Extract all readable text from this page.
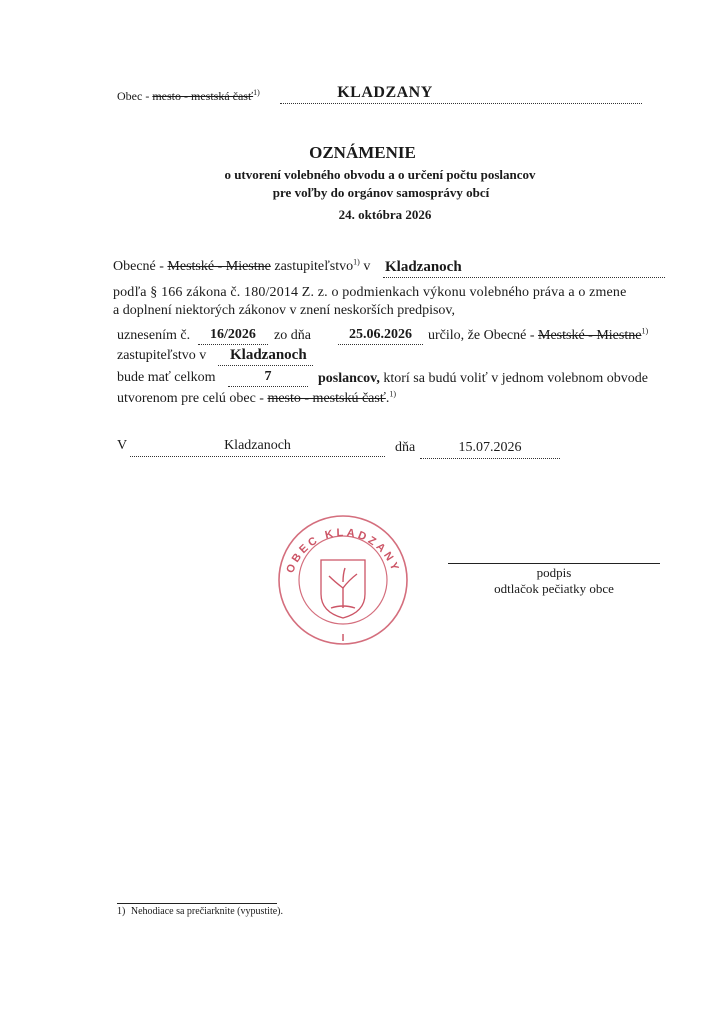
Obec - mesto - mestská časť$^{1)}$	KLADZANY
OZNÁMENIE
o utvorení volebného obvodu a o určení počtu poslancov
pre voľby do orgánov samosprávy obcí
24. októbra 2026
Obecné - Mestské - Miestne zastupiteľstvo$^{1)}$ v Kladzanoch
podľa § 166 zákona č. 180/2014 Z. z. o podmienkach výkonu volebného práva a o zmene
a doplnení niektorých zákonov v znení neskorších predpisov,
uznesením č.	16/2026	zo dňa	25.06.2026	určilo, že Obecné - Mestské - Miestne$^{1)}$
zastupiteľstvo v Kladzanoch
bude mať celkom	7	poslancov, ktorí sa budú voliť v jednom volebnom obvode
utvorenom pre celú obec - mesto - mestskú časť.$^{1)}$
V	Kladzanoch	dňa	15.07.2026
OBEC KLADZANY
I
podpis
odtlačok pečiatky obce
1) Nehodiace sa prečiarknite (vypustite).
